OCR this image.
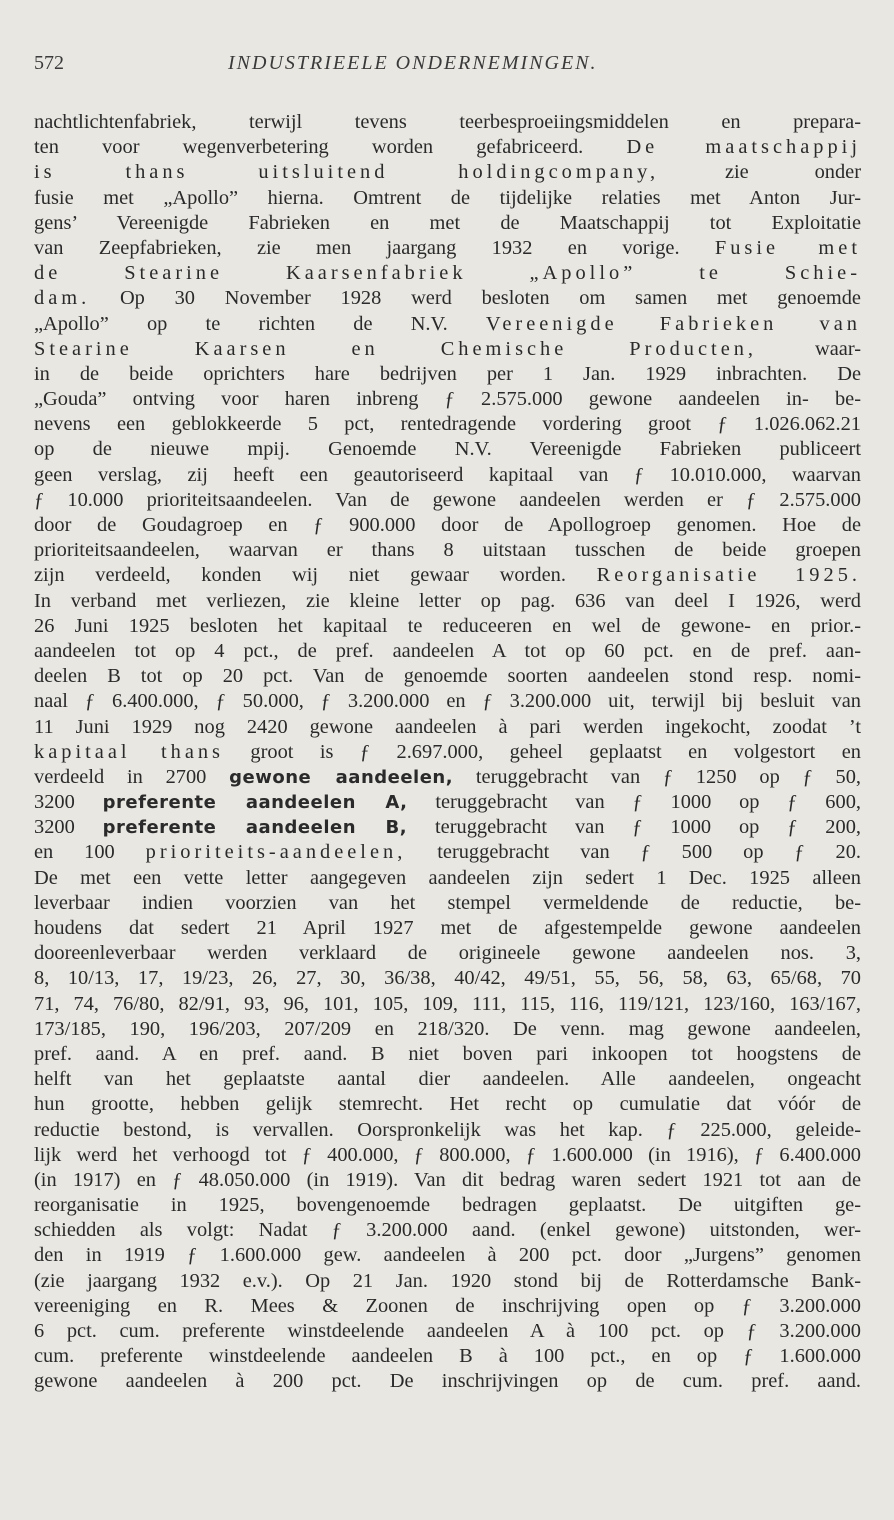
572	INDUSTRIEELE ONDERNEMINGEN.
nachtlichtenfabriek, terwijl tevens teerbesproeiingsmiddelen en prepara-
ten voor wegenverbetering worden gefabriceerd. De maatschappij
is thans uitsluitend holdingcompany, zie onder
fusie met „Apollo” hierna. Omtrent de tijdelijke relaties met Anton Jur-
gens’ Vereenigde Fabrieken en met de Maatschappij tot Exploitatie
van Zeepfabrieken, zie men jaargang 1932 en vorige. Fusie met
de Stearine Kaarsenfabriek „Apollo” te Schie-
dam. Op 30 November 1928 werd besloten om samen met genoemde
„Apollo” op te richten de N.V. Vereenigde Fabrieken van
Stearine Kaarsen en Chemische Producten, waar-
in de beide oprichters hare bedrijven per 1 Jan. 1929 inbrachten. De
„Gouda” ontving voor haren inbreng ƒ 2.575.000 gewone aandeelen in- be-
nevens een geblokkeerde 5 pct, rentedragende vordering groot ƒ 1.026.062.21
op de nieuwe mpij. Genoemde N.V. Vereenigde Fabrieken publiceert
geen verslag, zij heeft een geautoriseerd kapitaal van ƒ 10.010.000, waarvan
ƒ 10.000 prioriteitsaandeelen. Van de gewone aandeelen werden er ƒ 2.575.000
door de Goudagroep en ƒ 900.000 door de Apollogroep genomen. Hoe de
prioriteitsaandeelen, waarvan er thans 8 uitstaan tusschen de beide groepen
zijn verdeeld, konden wij niet gewaar worden. Reorganisatie 1925.
In verband met verliezen, zie kleine letter op pag. 636 van deel I 1926, werd
26 Juni 1925 besloten het kapitaal te reduceeren en wel de gewone- en prior.-
aandeelen tot op 4 pct., de pref. aandeelen A tot op 60 pct. en de pref. aan-
deelen B tot op 20 pct. Van de genoemde soorten aandeelen stond resp. nomi-
naal ƒ 6.400.000, ƒ 50.000, ƒ 3.200.000 en ƒ 3.200.000 uit, terwijl bij besluit van
11 Juni 1929 nog 2420 gewone aandeelen à pari werden ingekocht, zoodat ’t
kapitaal thans groot is ƒ 2.697.000, geheel geplaatst en volgestort en
verdeeld in 2700 gewone aandeelen, teruggebracht van ƒ 1250 op ƒ 50,
3200 preferente aandeelen A, teruggebracht van ƒ 1000 op ƒ 600,
3200 preferente aandeelen B, teruggebracht van ƒ 1000 op ƒ 200,
en 100 prioriteits-aandeelen, teruggebracht van ƒ 500 op ƒ 20.
De met een vette letter aangegeven aandeelen zijn sedert 1 Dec. 1925 alleen
leverbaar indien voorzien van het stempel vermeldende de reductie, be-
houdens dat sedert 21 April 1927 met de afgestempelde gewone aandeelen
dooreenleverbaar werden verklaard de origineele gewone aandeelen nos. 3,
8, 10/13, 17, 19/23, 26, 27, 30, 36/38, 40/42, 49/51, 55, 56, 58, 63, 65/68, 70
71, 74, 76/80, 82/91, 93, 96, 101, 105, 109, 111, 115, 116, 119/121, 123/160, 163/167,
173/185, 190, 196/203, 207/209 en 218/320. De venn. mag gewone aandeelen,
pref. aand. A en pref. aand. B niet boven pari inkoopen tot hoogstens de
helft van het geplaatste aantal dier aandeelen. Alle aandeelen, ongeacht
hun grootte, hebben gelijk stemrecht. Het recht op cumulatie dat vóór de
reductie bestond, is vervallen. Oorspronkelijk was het kap. ƒ 225.000, geleide-
lijk werd het verhoogd tot ƒ 400.000, ƒ 800.000, ƒ 1.600.000 (in 1916), ƒ 6.400.000
(in 1917) en ƒ 48.050.000 (in 1919). Van dit bedrag waren sedert 1921 tot aan de
reorganisatie in 1925, bovengenoemde bedragen geplaatst. De uitgiften ge-
schiedden als volgt: Nadat ƒ 3.200.000 aand. (enkel gewone) uitstonden, wer-
den in 1919 ƒ 1.600.000 gew. aandeelen à 200 pct. door „Jurgens” genomen
(zie jaargang 1932 e.v.). Op 21 Jan. 1920 stond bij de Rotterdamsche Bank-
vereeniging en R. Mees & Zoonen de inschrijving open op ƒ 3.200.000
6 pct. cum. preferente winstdeelende aandeelen A à 100 pct. op ƒ 3.200.000
cum. preferente winstdeelende aandeelen B à 100 pct., en op ƒ 1.600.000
gewone aandeelen à 200 pct. De inschrijvingen op de cum. pref. aand.
